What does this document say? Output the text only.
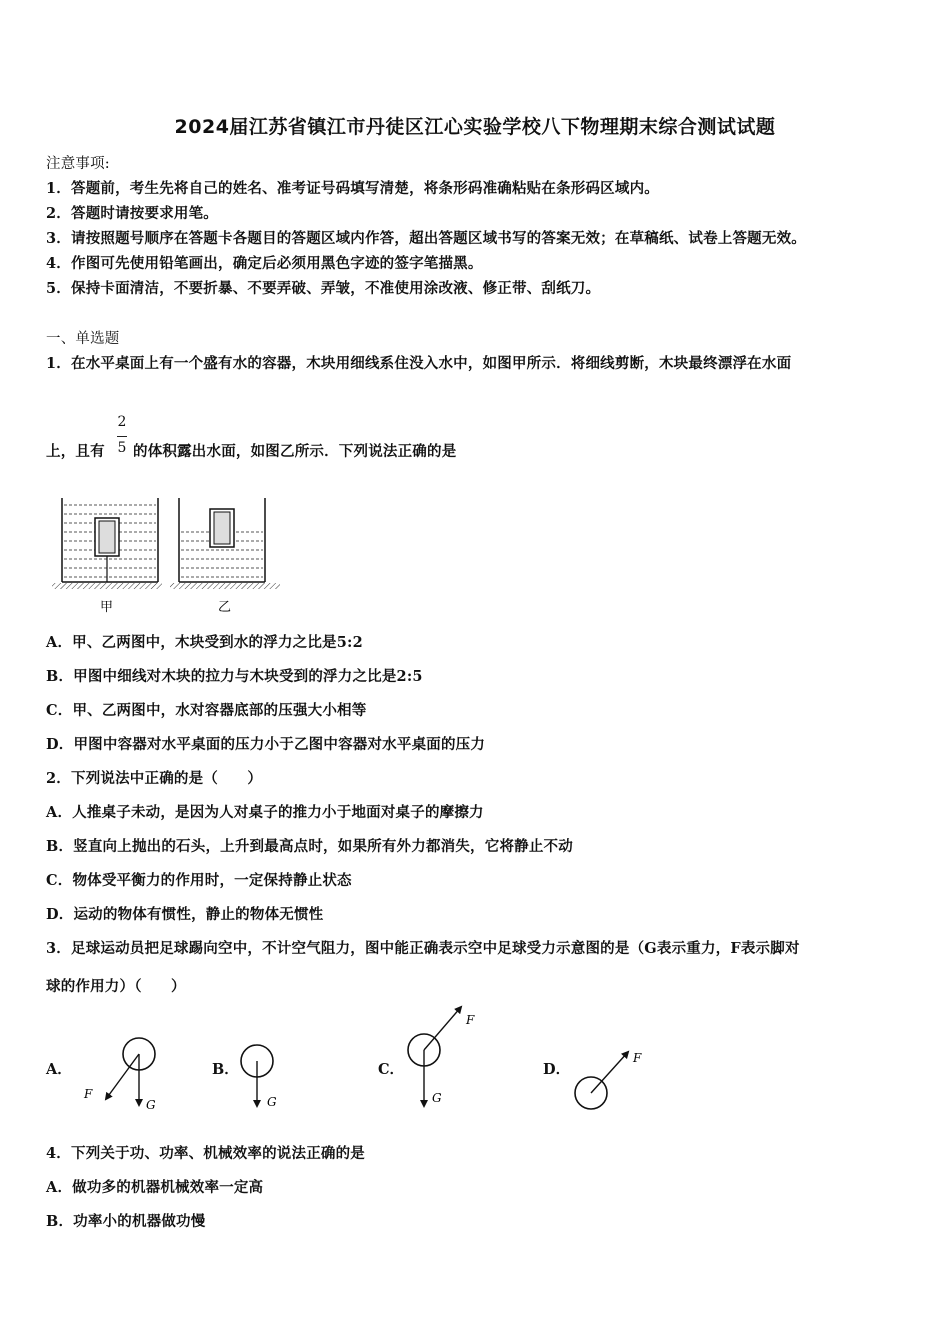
2024届江苏省镇江市丹徒区江心实验学校八下物理期末综合测试试题
注意事项:
1．答题前，考生先将自己的姓名、准考证号码填写清楚，将条形码准确粘贴在条形码区域内。
2．答题时请按要求用笔。
3．请按照题号顺序在答题卡各题目的答题区域内作答，超出答题区域书写的答案无效；在草稿纸、试卷上答题无效。
4．作图可先使用铅笔画出，确定后必须用黑色字迹的签字笔描黑。
5．保持卡面清洁，不要折暴、不要弄破、弄皱，不准使用涂改液、修正带、刮纸刀。
一、单选题
1．在水平桌面上有一个盛有水的容器，木块用细线系住没入水中，如图甲所示．将细线剪断，木块最终漂浮在水面
上，且有
2
5 的体积露出水面，如图乙所示．下列说法正确的是
甲	乙
A．甲、乙两图中，木块受到水的浮力之比是5:2
B．甲图中细线对木块的拉力与木块受到的浮力之比是2:5
C．甲、乙两图中，水对容器底部的压强大小相等
D．甲图中容器对水平桌面的压力小于乙图中容器对水平桌面的压力
2．下列说法中正确的是（　　）
A．人推桌子未动，是因为人对桌子的推力小于地面对桌子的摩擦力
B．竖直向上抛出的石头，上升到最高点时，如果所有外力都消失，它将静止不动
C．物体受平衡力的作用时，一定保持静止状态
D．运动的物体有惯性，静止的物体无惯性
3．足球运动员把足球踢向空中，不计空气阻力，图中能正确表示空中足球受力示意图的是（G表示重力，F表示脚对
球的作用力）（　　）
A．	B．	C．	D．
F
G	G
F
G
F
4．下列关于功、功率、机械效率的说法正确的是
A．做功多的机器机械效率一定高
B．功率小的机器做功慢
